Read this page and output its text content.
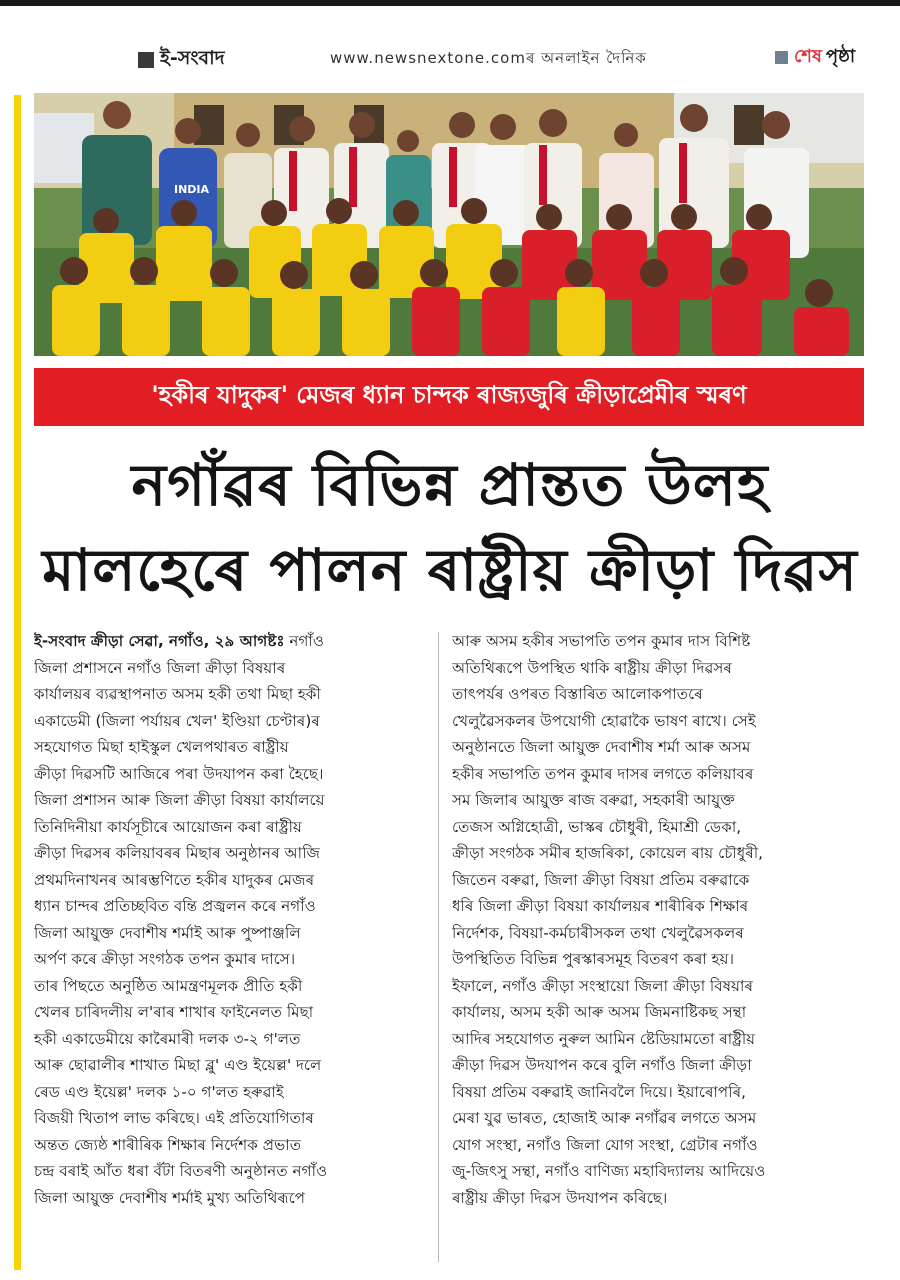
ই-সংবাদ	www.newsnextone.comৰ অনলাইন দৈনিক	শেষ পৃষ্ঠা
INDIA
'হকীৰ যাদুকৰ' মেজৰ ধ্যান চান্দক ৰাজ্যজুৰি ক্ৰীড়াপ্ৰেমীৰ স্মৰণ
নগাঁৱৰ বিভিন্ন প্ৰান্তত উলহ
মালহেৰে পালন ৰাষ্ট্ৰীয় ক্ৰীড়া দিৱস
ই-সংবাদ ক্ৰীড়া সেৱা, নগাঁও, ২৯ আগষ্টঃ নগাঁও
জিলা প্ৰশাসনে নগাঁও জিলা ক্ৰীড়া বিষয়াৰ
কাৰ্যালয়ৰ ব্যৱস্থাপনাত অসম হকী তথা মিছা হকী
একাডেমী (জিলা পৰ্যায়ৰ খেল' ইণ্ডিয়া চেণ্টাৰ)ৰ
সহযোগত মিছা হাইস্কুল খেলপথাৰত ৰাষ্ট্ৰীয়
ক্ৰীড়া দিৱসটি আজিৰে পৰা উদযাপন কৰা হৈছে।
জিলা প্ৰশাসন আৰু জিলা ক্ৰীড়া বিষয়া কাৰ্যালয়ে
তিনিদিনীয়া কাৰ্যসূচীৰে আয়োজন কৰা ৰাষ্ট্ৰীয়
ক্ৰীড়া দিৱসৰ কলিয়াবৰৰ মিছাৰ অনুষ্ঠানৰ আজি
প্ৰথমদিনাখনৰ আৰম্ভণিতে হকীৰ যাদুকৰ মেজৰ
ধ্যান চান্দৰ প্ৰতিচ্ছবিত বন্তি প্ৰজ্বলন কৰে নগাঁও
জিলা আয়ুক্ত দেবাশীষ শৰ্মাই আৰু পুষ্পাঞ্জলি
অৰ্পণ কৰে ক্ৰীড়া সংগঠক তপন কুমাৰ দাসে।
তাৰ পিছতে অনুষ্ঠিত আমন্ত্ৰণমূলক প্ৰীতি হকী
খেলৰ চাৰিদলীয় ল'ৰাৰ শাখাৰ ফাইনেলত মিছা
হকী একাডেমীয়ে কাৰৈমাৰী দলক ৩-২ গ'লত
আৰু ছোৱালীৰ শাখাত মিছা ব্লু' এণ্ড ইয়েল্ল' দলে
ৰেড এণ্ড ইয়েল্ল' দলক ১-০ গ'লত হৰুৱাই
বিজয়ী খিতাপ লাভ কৰিছে। এই প্ৰতিযোগিতাৰ
অন্তত জ্যেষ্ঠ শাৰীৰিক শিক্ষাৰ নিৰ্দেশক প্ৰভাত
চন্দ্ৰ বৰাই আঁত ধৰা বঁটা বিতৰণী অনুষ্ঠানত নগাঁও
জিলা আয়ুক্ত দেবাশীষ শৰ্মাই মুখ্য অতিথিৰূপে
আৰু অসম হকীৰ সভাপতি তপন কুমাৰ দাস বিশিষ্ট
অতিথিৰূপে উপস্থিত থাকি ৰাষ্ট্ৰীয় ক্ৰীড়া দিৱসৰ
তাৎপৰ্যৰ ওপৰত বিস্তাৰিত আলোকপাতৰে
খেলুৱৈসকলৰ উপযোগী হোৱাকৈ ভাষণ ৰাখে। সেই
অনুষ্ঠানতে জিলা আয়ুক্ত দেবাশীষ শৰ্মা আৰু অসম
হকীৰ সভাপতি তপন কুমাৰ দাসৰ লগতে কলিয়াবৰ
সম জিলাৰ আয়ুক্ত ৰাজ বৰুৱা, সহকাৰী আয়ুক্ত
তেজস অগ্নিহোত্ৰী, ভাস্কৰ চৌধুৰী, হিমাশ্ৰী ডেকা,
ক্ৰীড়া সংগঠক সমীৰ হাজৰিকা, কোয়েল ৰায় চৌধুৰী,
জিতেন বৰুৱা, জিলা ক্ৰীড়া বিষয়া প্ৰতিম বৰুৱাকে
ধৰি জিলা ক্ৰীড়া বিষয়া কাৰ্যালয়ৰ শাৰীৰিক শিক্ষাৰ
নিৰ্দেশক, বিষয়া-কৰ্মচাৰীসকল তথা খেলুৱৈসকলৰ
উপস্থিতিত বিভিন্ন পুৰস্কাৰসমূহ বিতৰণ কৰা হয়।
ইফালে, নগাঁও ক্ৰীড়া সংস্থায়ো জিলা ক্ৰীড়া বিষয়াৰ
কাৰ্যালয়, অসম হকী আৰু অসম জিমনাষ্টিকছ সন্থা
আদিৰ সহযোগত নুৰুল আমিন ষ্টেডিয়ামতো ৰাষ্ট্ৰীয়
ক্ৰীড়া দিৱস উদযাপন কৰে বুলি নগাঁও জিলা ক্ৰীড়া
বিষয়া প্ৰতিম বৰুৱাই জানিবলৈ দিয়ে। ইয়াৰোপৰি,
মেৰা যুৱ ভাৰত, হোজাই আৰু নগাঁৱৰ লগতে অসম
যোগ সংস্থা, নগাঁও জিলা যোগ সংস্থা, গ্ৰেটাৰ নগাঁও
জু-জিৎসু সন্থা, নগাঁও বাণিজ্য মহাবিদ্যালয় আদিয়েও
ৰাষ্ট্ৰীয় ক্ৰীড়া দিৱস উদযাপন কৰিছে।
